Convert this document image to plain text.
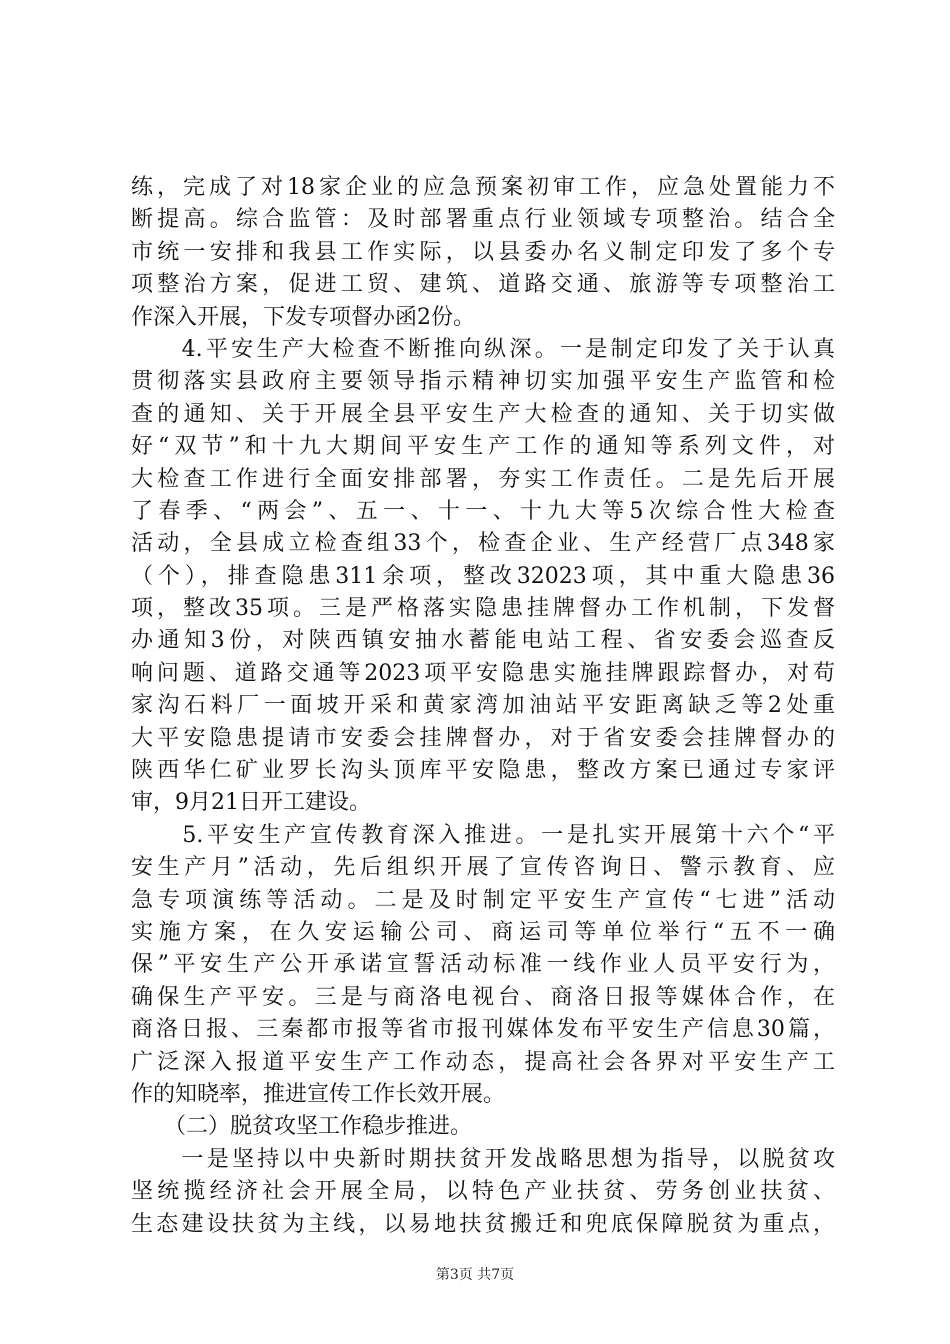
练，完成了对18家企业的应急预案初审工作，应急处置能力不
断提高。综合监管：及时部署重点行业领域专项整治。结合全
市统一安排和我县工作实际，以县委办名义制定印发了多个专
项整治方案，促进工贸、建筑、道路交通、旅游等专项整治工
作深入开展，下发专项督办函2份。
　　4.平安生产大检查不断推向纵深。一是制定印发了关于认真
贯彻落实县政府主要领导指示精神切实加强平安生产监管和检
查的通知、关于开展全县平安生产大检查的通知、关于切实做
好“双节”和十九大期间平安生产工作的通知等系列文件，对
大检查工作进行全面安排部署，夯实工作责任。二是先后开展
了春季、“两会”、五一、十一、十九大等5次综合性大检查
活动，全县成立检查组33个，检查企业、生产经营厂点348家
（个），排查隐患311余项，整改32023项，其中重大隐患36
项，整改35项。三是严格落实隐患挂牌督办工作机制，下发督
办通知3份，对陕西镇安抽水蓄能电站工程、省安委会巡查反
响问题、道路交通等2023项平安隐患实施挂牌跟踪督办，对苟
家沟石料厂一面坡开采和黄家湾加油站平安距离缺乏等2处重
大平安隐患提请市安委会挂牌督办，对于省安委会挂牌督办的
陕西华仁矿业罗长沟头顶库平安隐患，整改方案已通过专家评
审，9月21日开工建设。
　　5.平安生产宣传教育深入推进。一是扎实开展第十六个“平
安生产月”活动，先后组织开展了宣传咨询日、警示教育、应
急专项演练等活动。二是及时制定平安生产宣传“七进”活动
实施方案，在久安运输公司、商运司等单位举行“五不一确
保”平安生产公开承诺宣誓活动标准一线作业人员平安行为，
确保生产平安。三是与商洛电视台、商洛日报等媒体合作，在
商洛日报、三秦都市报等省市报刊媒体发布平安生产信息30篇，
广泛深入报道平安生产工作动态，提高社会各界对平安生产工
作的知晓率，推进宣传工作长效开展。
　　（二）脱贫攻坚工作稳步推进。
　　一是坚持以中央新时期扶贫开发战略思想为指导，以脱贫攻
坚统揽经济社会开展全局，以特色产业扶贫、劳务创业扶贫、
生态建设扶贫为主线，以易地扶贫搬迁和兜底保障脱贫为重点，
第3页 共7页
